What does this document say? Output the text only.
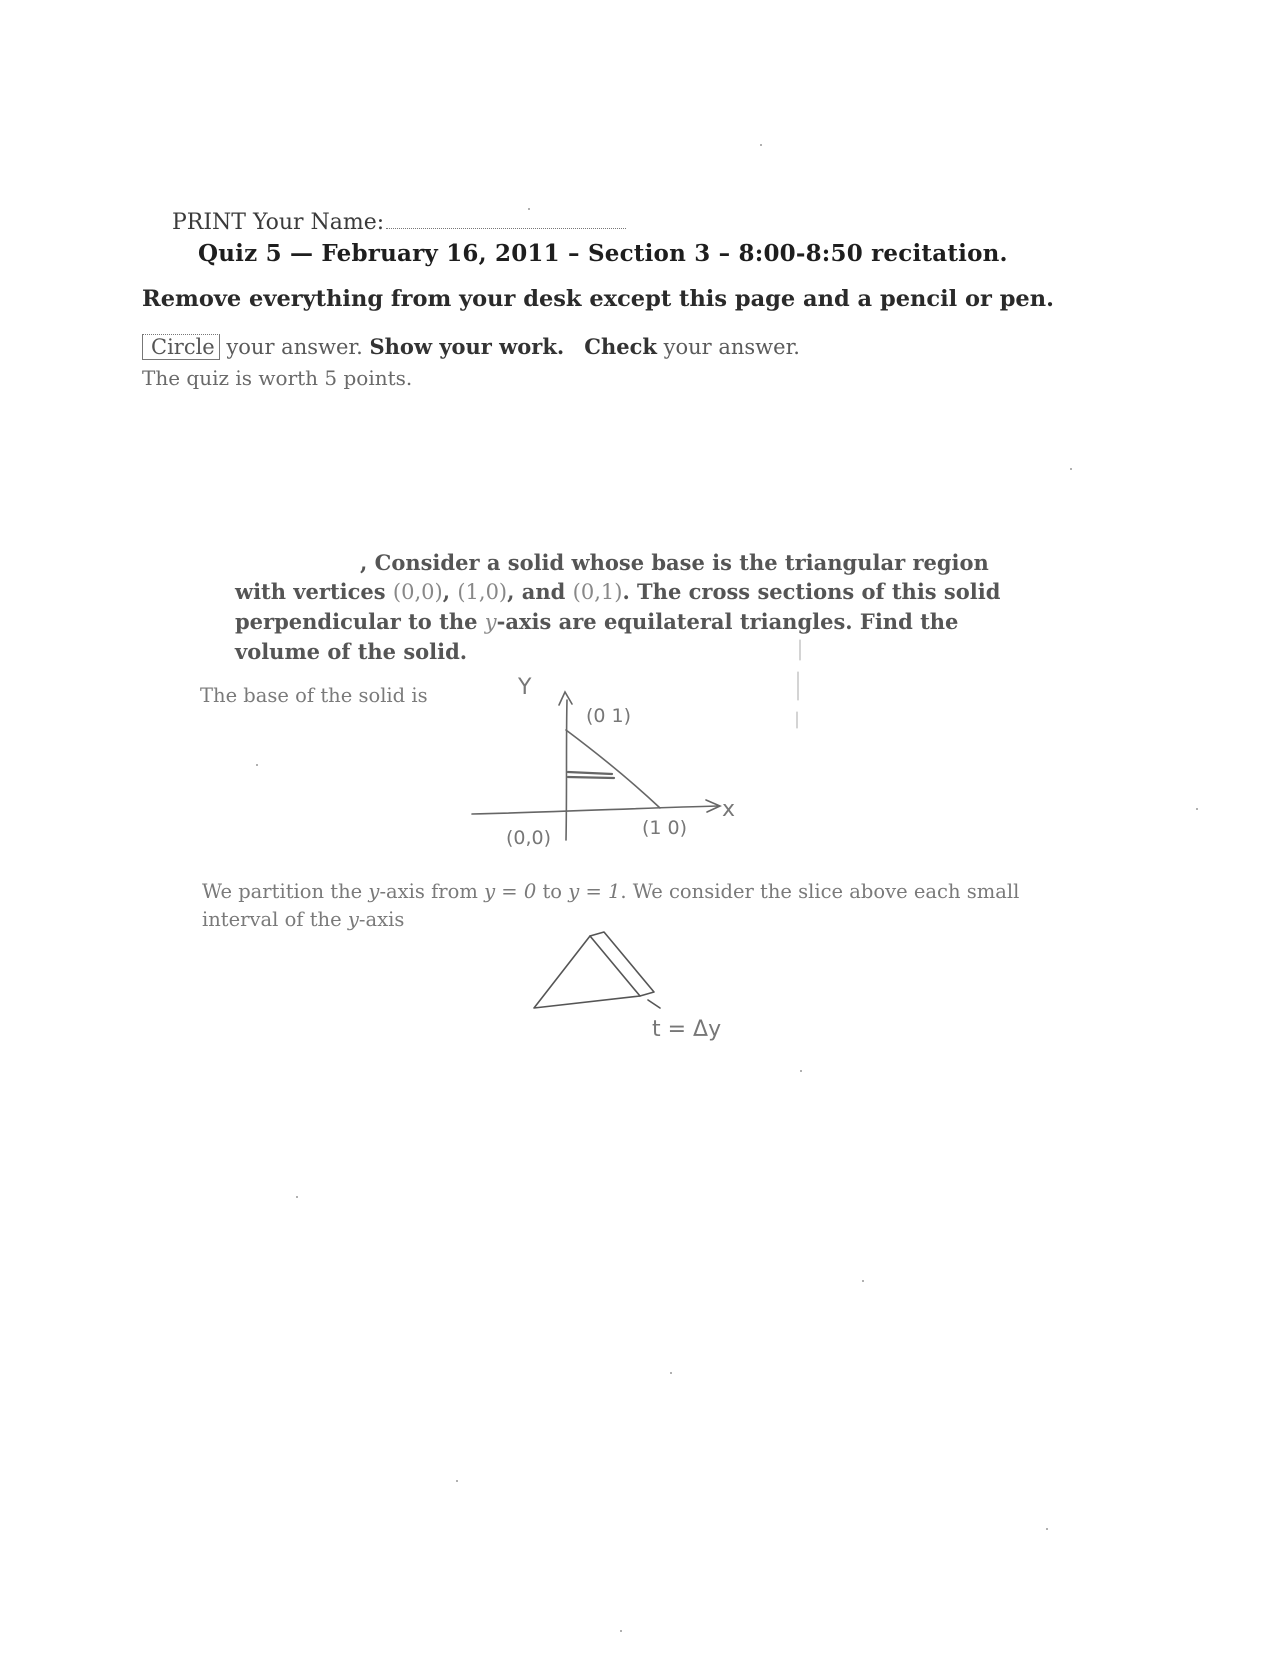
PRINT Your Name:
Quiz 5 — February 16, 2011 – Section 3 – 8:00-8:50 recitation.
Remove everything from your desk except this page and a pencil or pen.
Circle your answer. Show your work. Check your answer.
The quiz is worth 5 points.
, Consider a solid whose base is the triangular region with vertices (0,0), (1,0), and (0,1). The cross sections of this solid perpendicular to the y-axis are equilateral triangles. Find the volume of the solid.
The base of the solid is
We partition the y-axis from y = 0 to y = 1. We consider the slice above each small interval of the y-axis
Y
x
(0 1)
(0,0)	(1 0)
t = Δy
